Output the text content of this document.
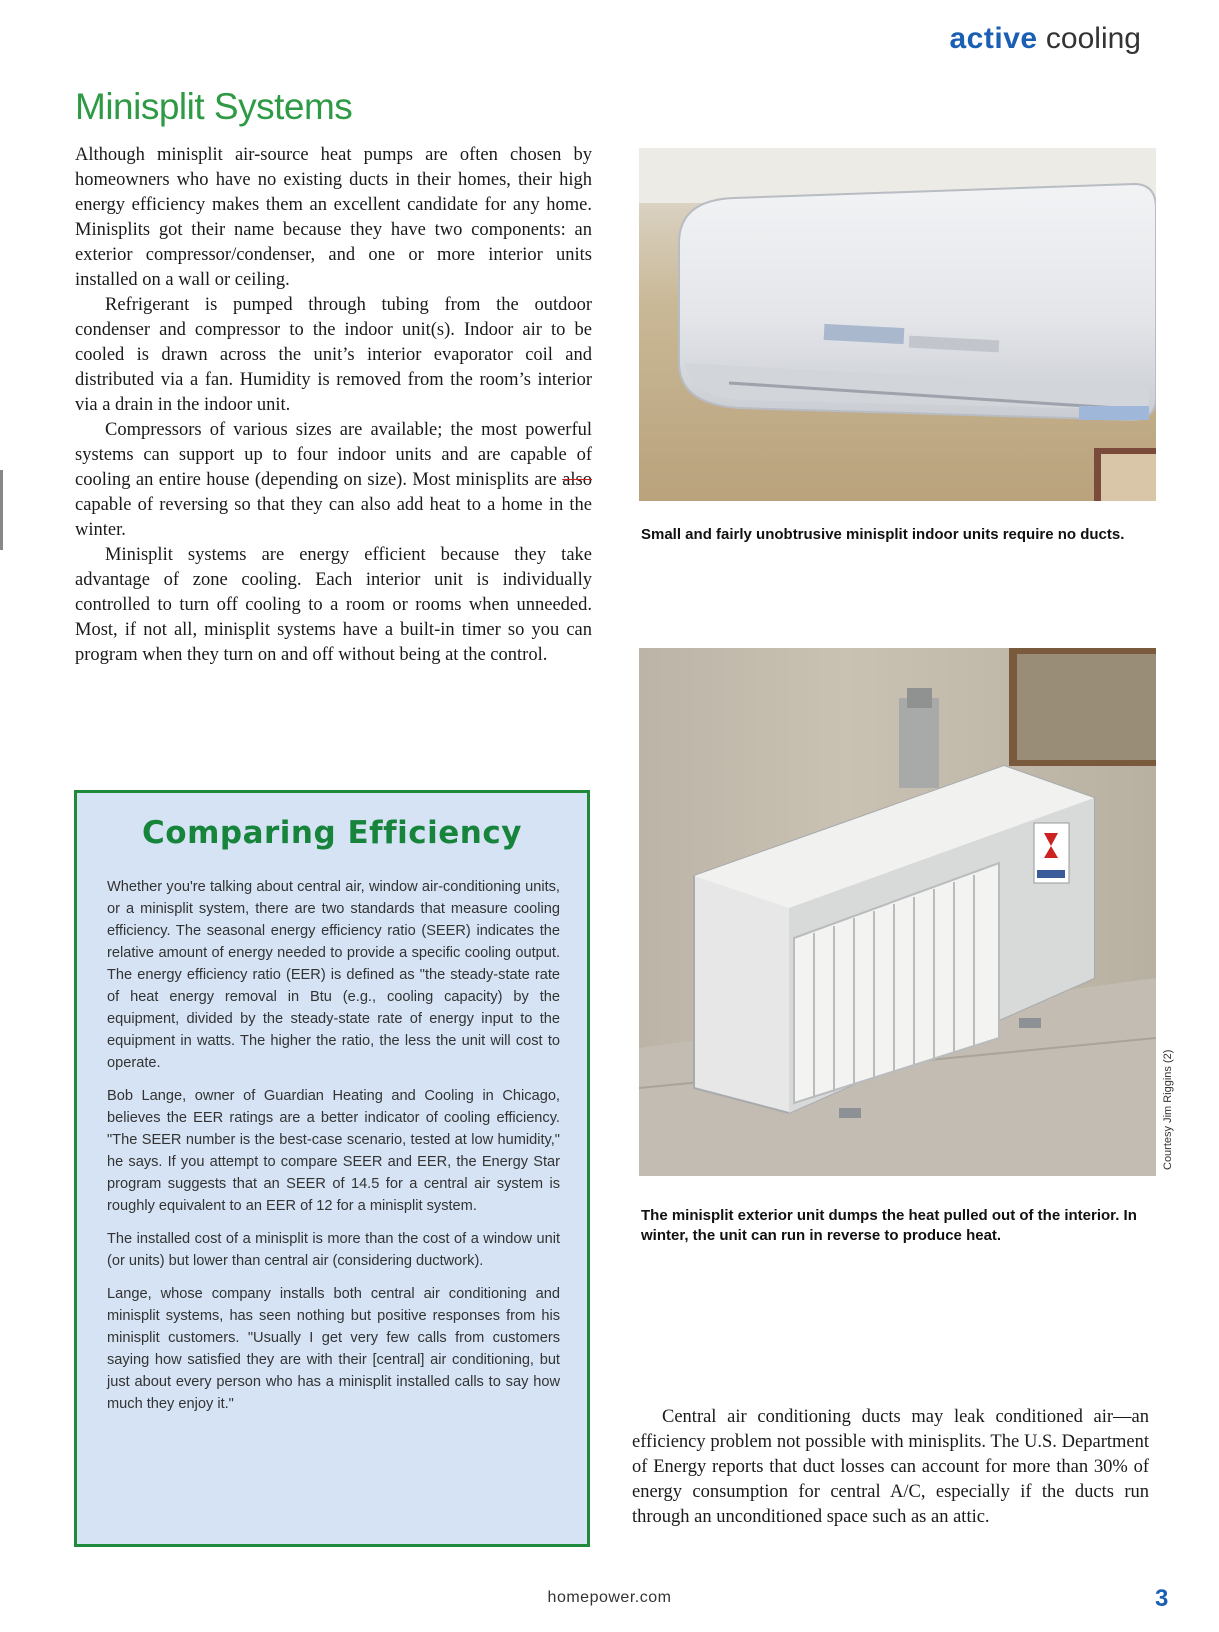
active cooling
Minisplit Systems

Although minisplit air-source heat pumps are often chosen by homeowners who have no existing ducts in their homes, their high energy efficiency makes them an excellent candidate for any home. Minisplits got their name because they have two components: an exterior compressor/condenser, and one or more interior units installed on a wall or ceiling.

Refrigerant is pumped through tubing from the outdoor condenser and compressor to the indoor unit(s). Indoor air to be cooled is drawn across the unit’s interior evaporator coil and distributed via a fan. Humidity is removed from the room’s interior via a drain in the indoor unit.

Compressors of various sizes are available; the most powerful systems can support up to four indoor units and are capable of cooling an entire house (depending on size). Most minisplits are also capable of reversing so that they can also add heat to a home in the winter.

Minisplit systems are energy efficient because they take advantage of zone cooling. Each interior unit is individually controlled to turn off cooling to a room or rooms when unneeded. Most, if not all, minisplit systems have a built-in timer so you can program when they turn on and off without being at the control.

Small and fairly unobtrusive minisplit indoor units require no ducts.
Courtesy Jim Riggins (2)
The minisplit exterior unit dumps the heat pulled out of the interior. In winter, the unit can run in reverse to produce heat.
Comparing Efficiency

Whether you're talking about central air, window air-conditioning units, or a minisplit system, there are two standards that measure cooling efficiency. The seasonal energy efficiency ratio (SEER) indicates the relative amount of energy needed to provide a specific cooling output. The energy efficiency ratio (EER) is defined as "the steady-state rate of heat energy removal in Btu (e.g., cooling capacity) by the equipment, divided by the steady-state rate of energy input to the equipment in watts. The higher the ratio, the less the unit will cost to operate.

Bob Lange, owner of Guardian Heating and Cooling in Chicago, believes the EER ratings are a better indicator of cooling efficiency. "The SEER number is the best-case scenario, tested at low humidity," he says. If you attempt to compare SEER and EER, the Energy Star program suggests that an SEER of 14.5 for a central air system is roughly equivalent to an EER of 12 for a minisplit system.

The installed cost of a minisplit is more than the cost of a window unit (or units) but lower than central air (considering ductwork).

Lange, whose company installs both central air conditioning and minisplit systems, has seen nothing but positive responses from his minisplit customers. "Usually I get very few calls from customers saying how satisfied they are with their [central] air conditioning, but just about every person who has a minisplit installed calls to say how much they enjoy it."

Central air conditioning ducts may leak conditioned air—an efficiency problem not possible with minisplits. The U.S. Department of Energy reports that duct losses can account for more than 30% of energy consumption for central A/C, especially if the ducts run through an unconditioned space such as an attic.

homepower.com	3
